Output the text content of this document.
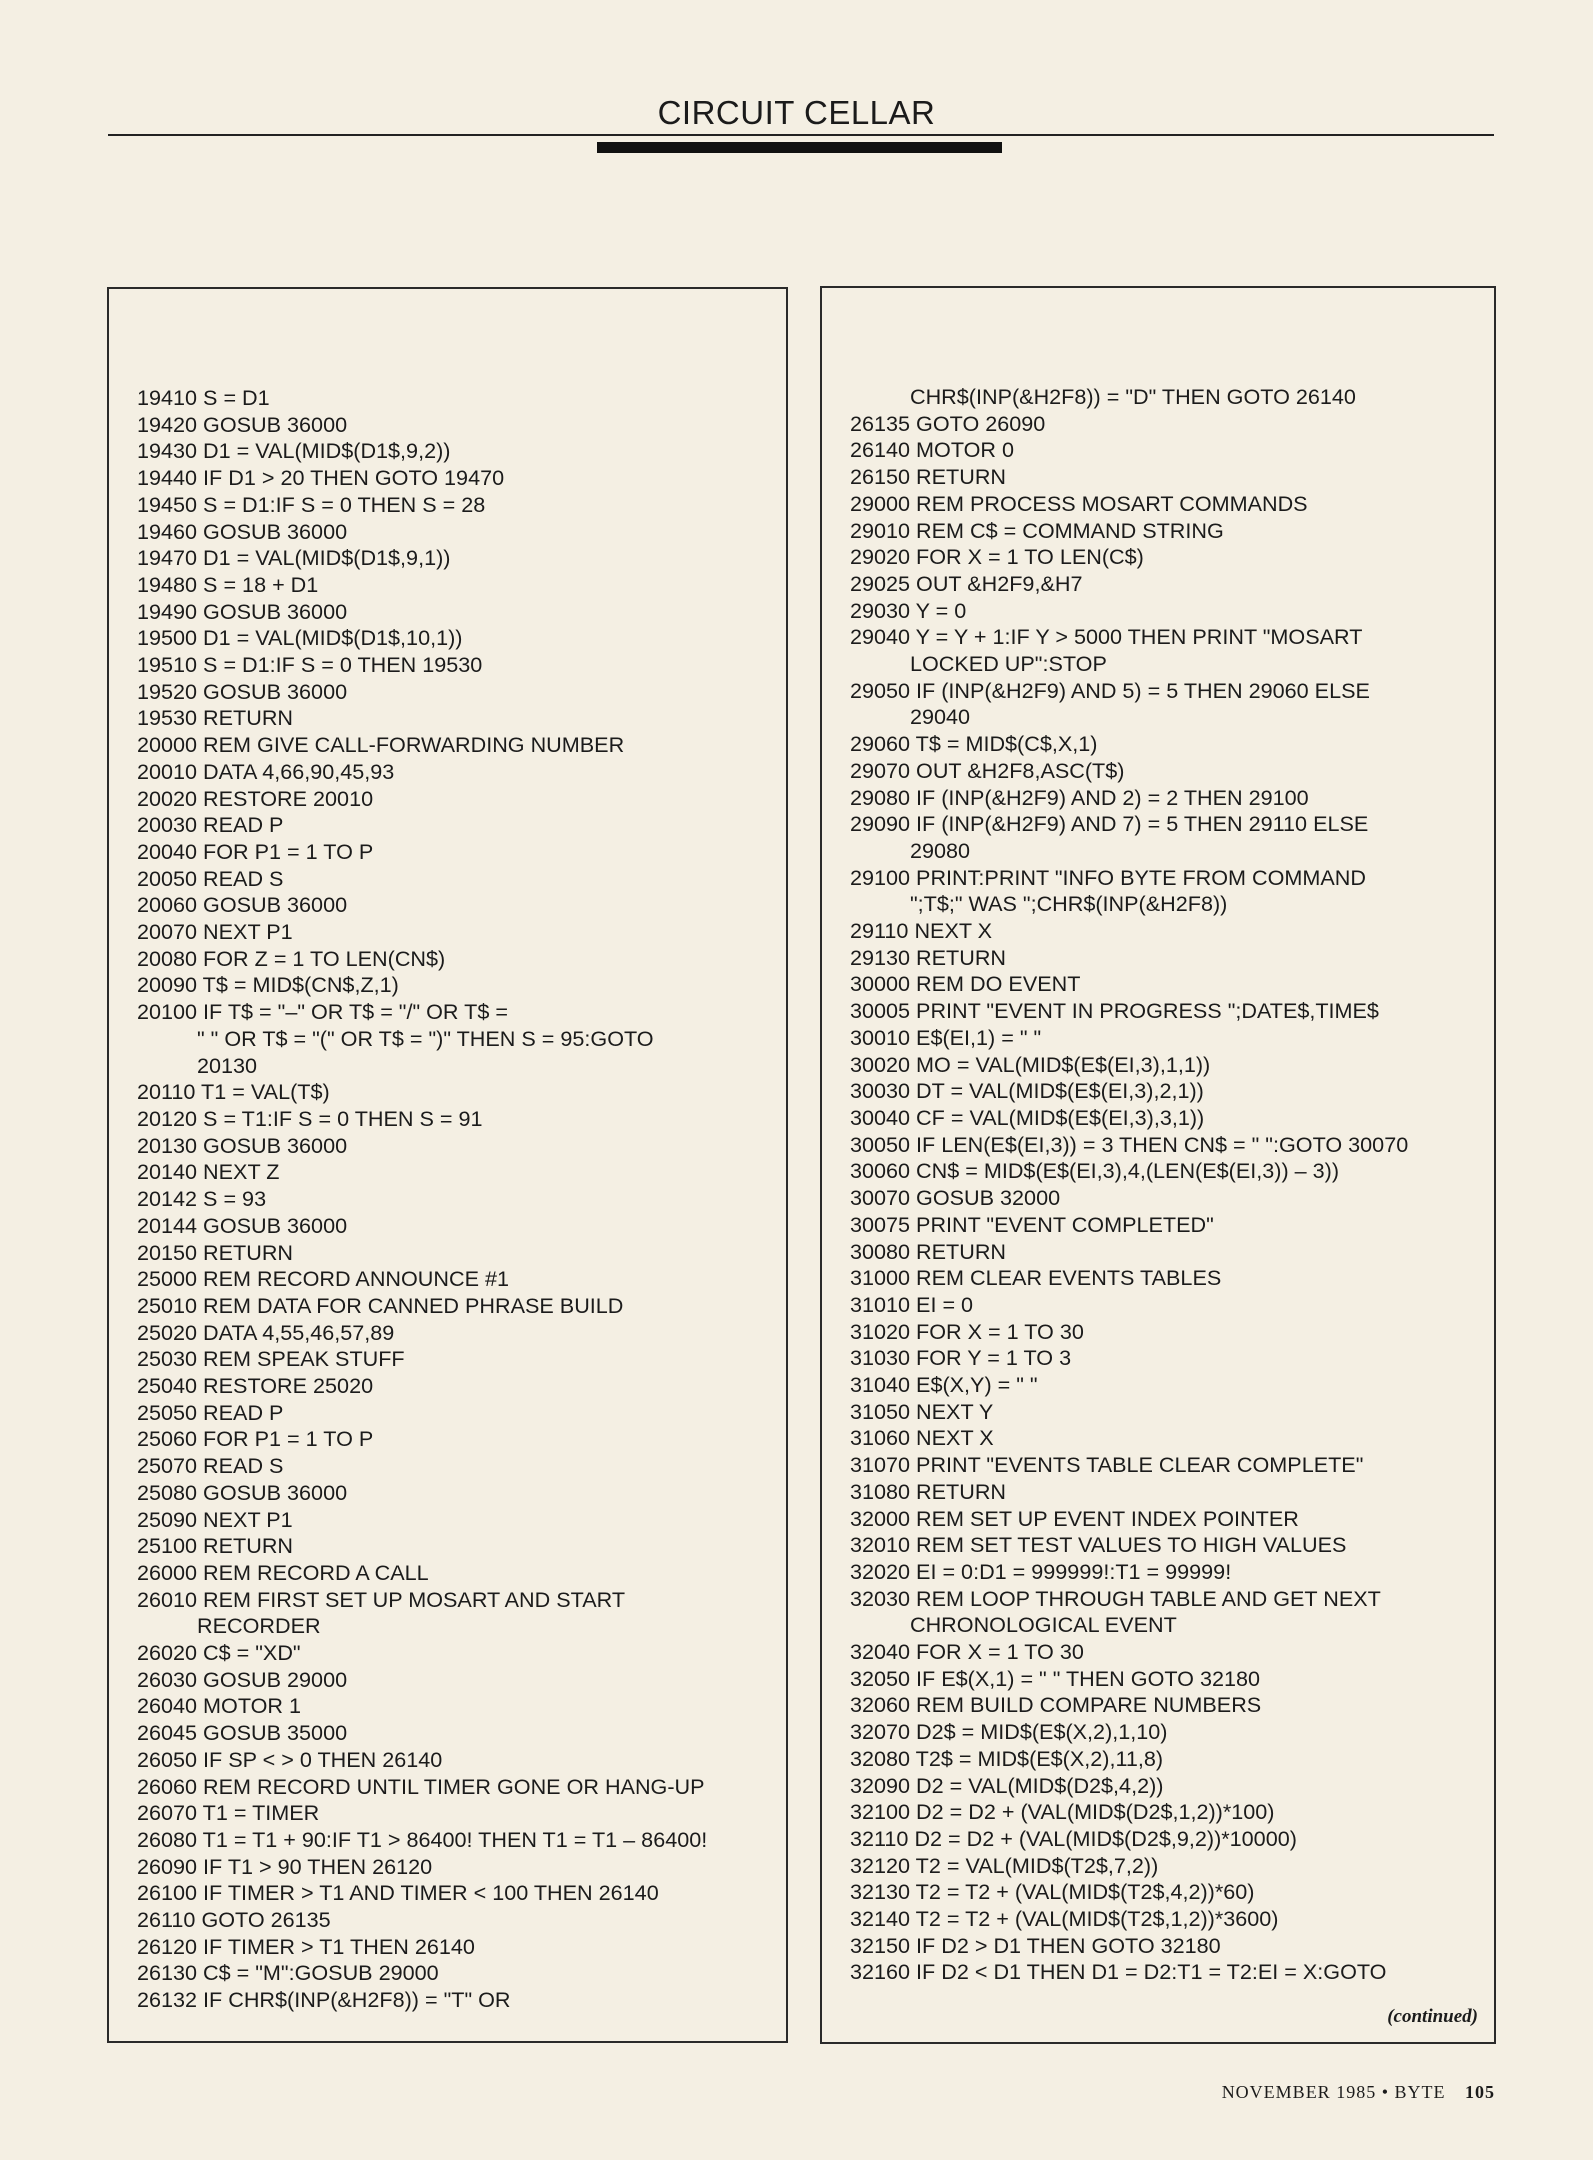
CIRCUIT CELLAR
19410 S = D1
19420 GOSUB 36000
19430 D1 = VAL(MID$(D1$,9,2))
19440 IF D1 > 20 THEN GOTO 19470
19450 S = D1:IF S = 0 THEN S = 28
19460 GOSUB 36000
19470 D1 = VAL(MID$(D1$,9,1))
19480 S = 18 + D1
19490 GOSUB 36000
19500 D1 = VAL(MID$(D1$,10,1))
19510 S = D1:IF S = 0 THEN 19530
19520 GOSUB 36000
19530 RETURN
20000 REM GIVE CALL-FORWARDING NUMBER
20010 DATA 4,66,90,45,93
20020 RESTORE 20010
20030 READ P
20040 FOR P1 = 1 TO P
20050 READ S
20060 GOSUB 36000
20070 NEXT P1
20080 FOR Z = 1 TO LEN(CN$)
20090 T$ = MID$(CN$,Z,1)
20100 IF T$ = "–" OR T$ = "/" OR T$ =
" " OR T$ = "(" OR T$ = ")" THEN S = 95:GOTO
20130
20110 T1 = VAL(T$)
20120 S = T1:IF S = 0 THEN S = 91
20130 GOSUB 36000
20140 NEXT Z
20142 S = 93
20144 GOSUB 36000
20150 RETURN
25000 REM RECORD ANNOUNCE #1
25010 REM DATA FOR CANNED PHRASE BUILD
25020 DATA 4,55,46,57,89
25030 REM SPEAK STUFF
25040 RESTORE 25020
25050 READ P
25060 FOR P1 = 1 TO P
25070 READ S
25080 GOSUB 36000
25090 NEXT P1
25100 RETURN
26000 REM RECORD A CALL
26010 REM FIRST SET UP MOSART AND START
RECORDER
26020 C$ = "XD"
26030 GOSUB 29000
26040 MOTOR 1
26045 GOSUB 35000
26050 IF SP < > 0 THEN 26140
26060 REM RECORD UNTIL TIMER GONE OR HANG-UP
26070 T1 = TIMER
26080 T1 = T1 + 90:IF T1 > 86400! THEN T1 = T1 – 86400!
26090 IF T1 > 90 THEN 26120
26100 IF TIMER > T1 AND TIMER < 100 THEN 26140
26110 GOTO 26135
26120 IF TIMER > T1 THEN 26140
26130 C$ = "M":GOSUB 29000
26132 IF CHR$(INP(&H2F8)) = "T" OR
CHR$(INP(&H2F8)) = "D" THEN GOTO 26140
26135 GOTO 26090
26140 MOTOR 0
26150 RETURN
29000 REM PROCESS MOSART COMMANDS
29010 REM C$ = COMMAND STRING
29020 FOR X = 1 TO LEN(C$)
29025 OUT &H2F9,&H7
29030 Y = 0
29040 Y = Y + 1:IF Y > 5000 THEN PRINT "MOSART
LOCKED UP":STOP
29050 IF (INP(&H2F9) AND 5) = 5 THEN 29060 ELSE
29040
29060 T$ = MID$(C$,X,1)
29070 OUT &H2F8,ASC(T$)
29080 IF (INP(&H2F9) AND 2) = 2 THEN 29100
29090 IF (INP(&H2F9) AND 7) = 5 THEN 29110 ELSE
29080
29100 PRINT:PRINT "INFO BYTE FROM COMMAND
";T$;" WAS ";CHR$(INP(&H2F8))
29110 NEXT X
29130 RETURN
30000 REM DO EVENT
30005 PRINT "EVENT IN PROGRESS ";DATE$,TIME$
30010 E$(EI,1) = " "
30020 MO = VAL(MID$(E$(EI,3),1,1))
30030 DT = VAL(MID$(E$(EI,3),2,1))
30040 CF = VAL(MID$(E$(EI,3),3,1))
30050 IF LEN(E$(EI,3)) = 3 THEN CN$ = " ":GOTO 30070
30060 CN$ = MID$(E$(EI,3),4,(LEN(E$(EI,3)) – 3))
30070 GOSUB 32000
30075 PRINT "EVENT COMPLETED"
30080 RETURN
31000 REM CLEAR EVENTS TABLES
31010 EI = 0
31020 FOR X = 1 TO 30
31030 FOR Y = 1 TO 3
31040 E$(X,Y) = " "
31050 NEXT Y
31060 NEXT X
31070 PRINT "EVENTS TABLE CLEAR COMPLETE"
31080 RETURN
32000 REM SET UP EVENT INDEX POINTER
32010 REM SET TEST VALUES TO HIGH VALUES
32020 EI = 0:D1 = 999999!:T1 = 99999!
32030 REM LOOP THROUGH TABLE AND GET NEXT
CHRONOLOGICAL EVENT
32040 FOR X = 1 TO 30
32050 IF E$(X,1) = " " THEN GOTO 32180
32060 REM BUILD COMPARE NUMBERS
32070 D2$ = MID$(E$(X,2),1,10)
32080 T2$ = MID$(E$(X,2),11,8)
32090 D2 = VAL(MID$(D2$,4,2))
32100 D2 = D2 + (VAL(MID$(D2$,1,2))*100)
32110 D2 = D2 + (VAL(MID$(D2$,9,2))*10000)
32120 T2 = VAL(MID$(T2$,7,2))
32130 T2 = T2 + (VAL(MID$(T2$,4,2))*60)
32140 T2 = T2 + (VAL(MID$(T2$,1,2))*3600)
32150 IF D2 > D1 THEN GOTO 32180
32160 IF D2 < D1 THEN D1 = D2:T1 = T2:EI = X:GOTO
(continued)
NOVEMBER 1985 • BYTE 105
